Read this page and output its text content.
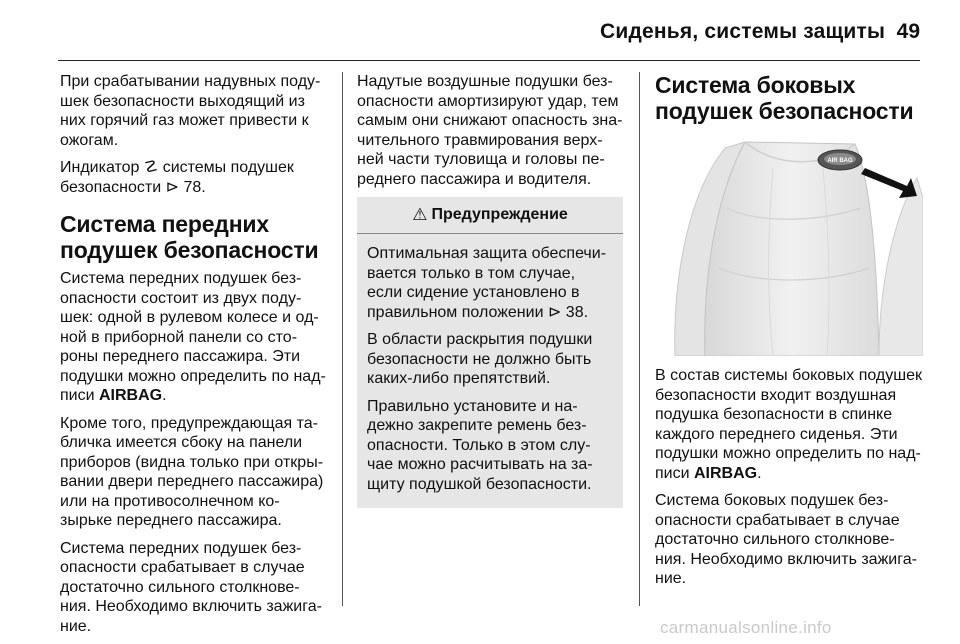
Сиденья, системы защиты 49

При срабатывании надувных поду-
шек безопасности выходящий из
них горячий газ может привести к
ожогам.

Индикатор ☡ системы подушек
безопасности ⊳ 78.

Система передних
подушек безопасности

Система передних подушек без-
опасности состоит из двух поду-
шек: одной в рулевом колесе и од-
ной в приборной панели со сто-
роны переднего пассажира. Эти
подушки можно определить по над-
писи AIRBAG.

Кроме того, предупреждающая та-
бличка имеется сбоку на панели
приборов (видна только при откры-
вании двери переднего пассажира)
или на противосолнечном ко-
зырьке переднего пассажира.

Система передних подушек без-
опасности срабатывает в случае
достаточно сильного столкнове-
ния. Необходимо включить зажига-
ние.

Надутые воздушные подушки без-
опасности амортизируют удар, тем
самым они снижают опасность зна-
чительного травмирования верх-
ней части туловища и головы пе-
реднего пассажира и водителя.

⚠ Предупреждение

Оптимальная защита обеспечи-
вается только в том случае,
если сидение установлено в
правильном положении ⊳ 38.

В области раскрытия подушки
безопасности не должно быть
каких-либо препятствий.

Правильно установите и на-
дежно закрепите ремень без-
опасности. Только в этом слу-
чае можно расчитывать на за-
щиту подушкой безопасности.

Система боковых
подушек безопасности
AIR BAG

В состав системы боковых подушек
безопасности входит воздушная
подушка безопасности в спинке
каждого переднего сиденья. Эти
подушки можно определить по над-
писи AIRBAG.

Система боковых подушек без-
опасности срабатывает в случае
достаточно сильного столкнове-
ния. Необходимо включить зажига-
ние.

carmanualsonline.info
